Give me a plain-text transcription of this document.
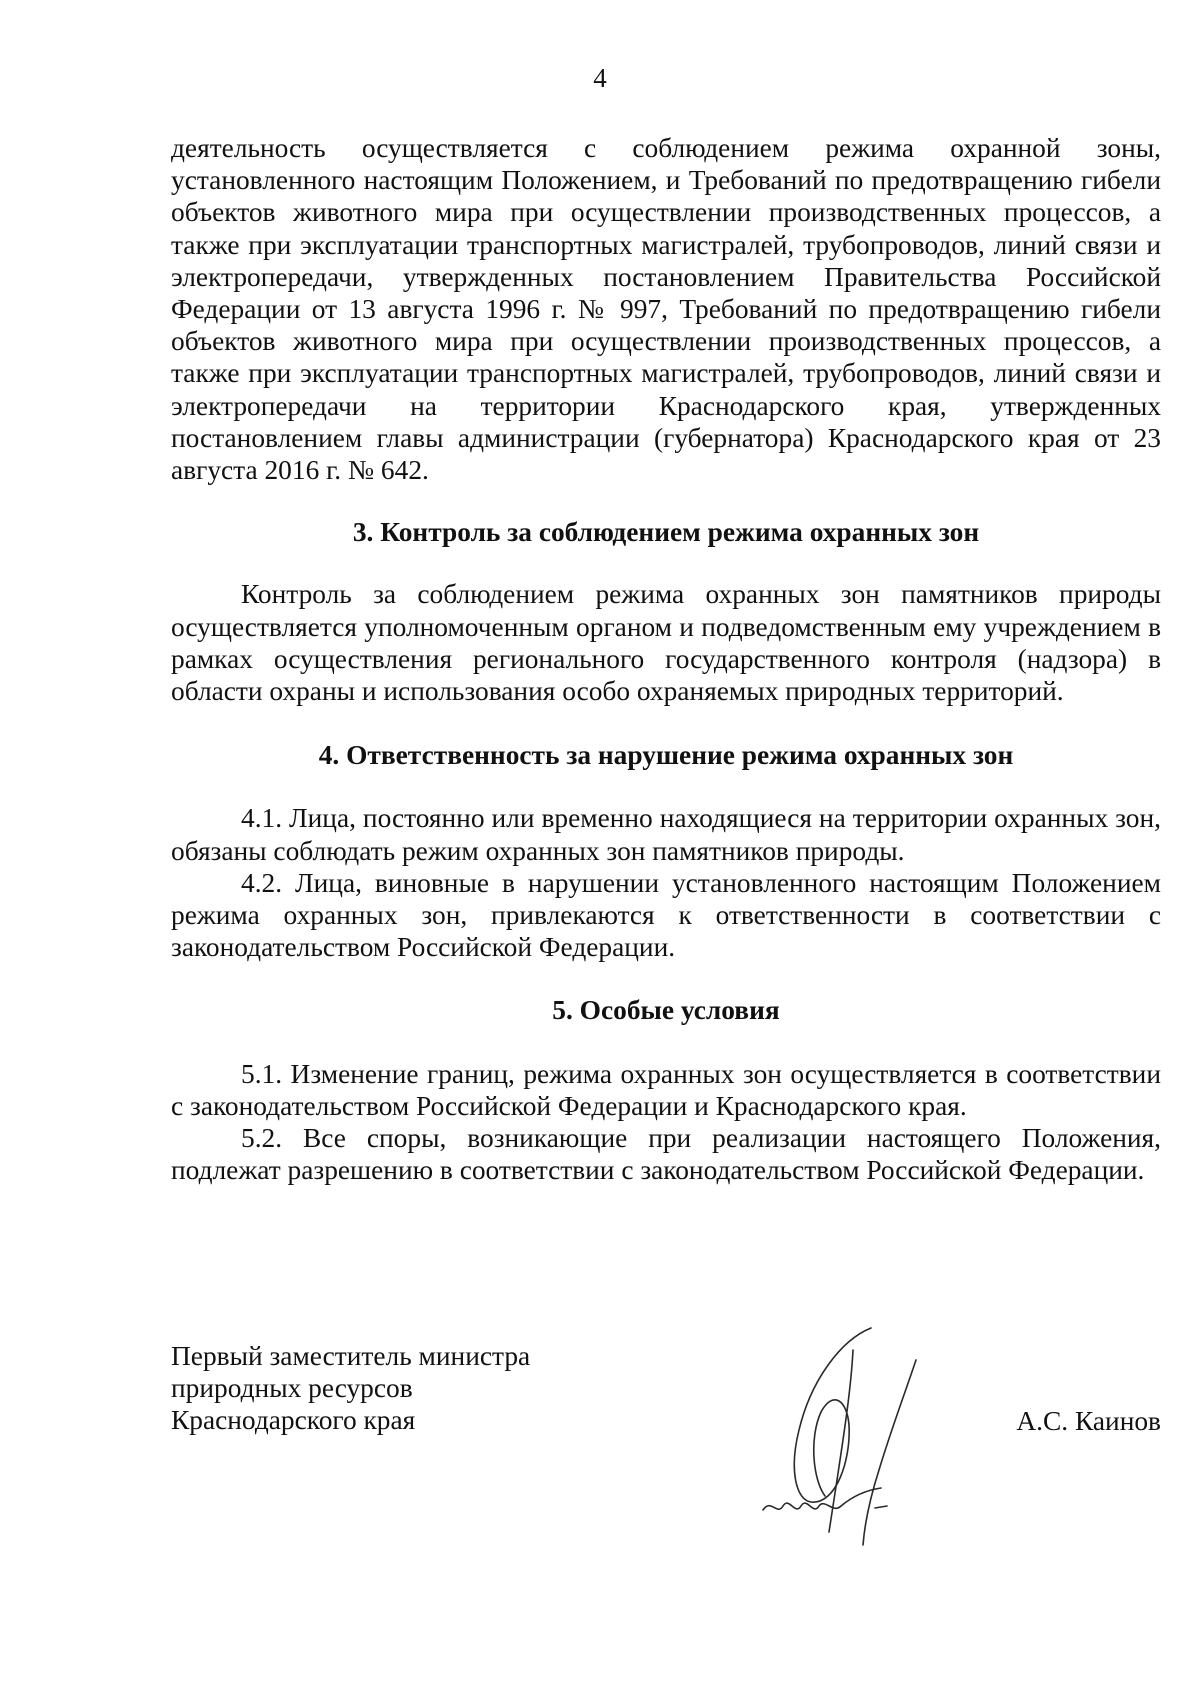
4

деятельность осуществляется с соблюдением режима охранной зоны, установленного настоящим Положением, и Требований по предотвращению гибели объектов животного мира при осуществлении производственных процессов, а также при эксплуатации транспортных магистралей, трубопроводов, линий связи и электропередачи, утвержденных постановлением Правительства Российской Федерации от 13 августа 1996 г. № 997, Требований по предотвращению гибели объектов животного мира при осуществлении производственных процессов, а также при эксплуатации транспортных магистралей, трубопроводов, линий связи и электропередачи на территории Краснодарского края, утвержденных постановлением главы администрации (губернатора) Краснодарского края от 23 августа 2016 г. № 642.

3. Контроль за соблюдением режима охранных зон

Контроль за соблюдением режима охранных зон памятников природы осуществляется уполномоченным органом и подведомственным ему учреждением в рамках осуществления регионального государственного контроля (надзора) в области охраны и использования особо охраняемых природных территорий.

4. Ответственность за нарушение режима охранных зон

4.1. Лица, постоянно или временно находящиеся на территории охранных зон, обязаны соблюдать режим охранных зон памятников природы.

4.2. Лица, виновные в нарушении установленного настоящим Положением режима охранных зон, привлекаются к ответственности в соответствии с законодательством Российской Федерации.

5. Особые условия

5.1. Изменение границ, режима охранных зон осуществляется в соответствии с законодательством Российской Федерации и Краснодарского края.

5.2. Все споры, возникающие при реализации настоящего Положения, подлежат разрешению в соответствии с законодательством Российской Федерации.

Первый заместитель министра
природных ресурсов
Краснодарского края	А.С. Каинов
